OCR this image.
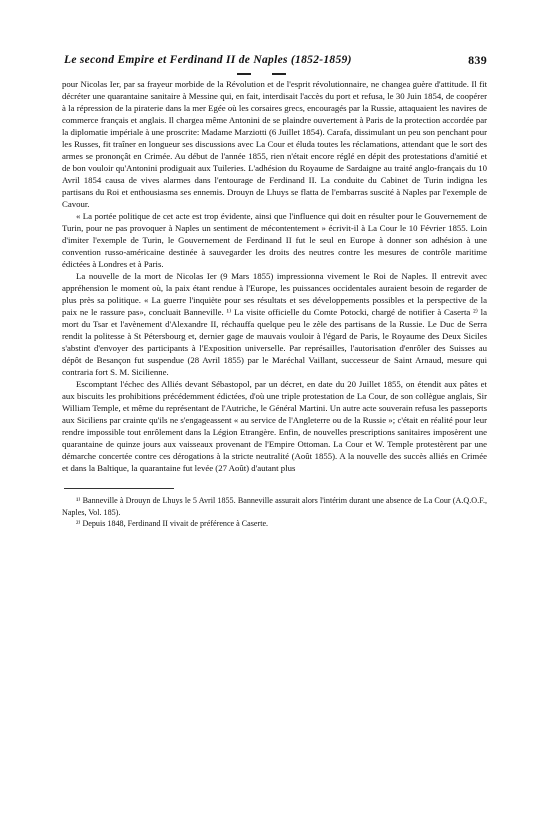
Le second Empire et Ferdinand II de Naples (1852-1859)	839

pour Nicolas Ier, par sa frayeur morbide de la Révolution et de l'esprit révolutionnaire, ne changea guère d'attitude. Il fit décréter une quarantaine sanitaire à Messine qui, en fait, interdisait l'accès du port et refusa, le 30 Juin 1854, de coopérer à la répression de la piraterie dans la mer Egée où les corsaires grecs, encouragés par la Russie, attaquaient les navires de commerce français et anglais. Il chargea même Antonini de se plaindre ouvertement à Paris de la protection accordée par la diplomatie impériale à une proscrite: Madame Marziotti (6 Juillet 1854). Carafa, dissimulant un peu son penchant pour les Russes, fit traîner en longueur ses discussions avec La Cour et éluda toutes les réclamations, attendant que le sort des armes se prononçât en Crimée. Au début de l'année 1855, rien n'était encore réglé en dépit des protestations d'amitié et de bon vouloir qu'Antonini prodiguait aux Tuileries. L'adhésion du Royaume de Sardaigne au traité anglo-français du 10 Avril 1854 causa de vives alarmes dans l'entourage de Ferdinand II. La conduite du Cabinet de Turin indigna les partisans du Roi et enthousiasma ses ennemis. Drouyn de Lhuys se flatta de l'embarras suscité à Naples par l'exemple de Cavour.

« La portée politique de cet acte est trop évidente, ainsi que l'influence qui doit en résulter pour le Gouvernement de Turin, pour ne pas provoquer à Naples un sentiment de mécontentement » écrivit-il à La Cour le 10 Février 1855. Loin d'imiter l'exemple de Turin, le Gouvernement de Ferdinand II fut le seul en Europe à donner son adhésion à une convention russo-américaine destinée à sauvegarder les droits des neutres contre les mesures de contrôle maritime édictées à Londres et à Paris.

La nouvelle de la mort de Nicolas Ier (9 Mars 1855) impressionna vivement le Roi de Naples. Il entrevit avec appréhension le moment où, la paix étant rendue à l'Europe, les puissances occidentales auraient besoin de regarder de plus près sa politique. « La guerre l'inquiète pour ses résultats et ses développements possibles et la perspective de la paix ne le rassure pas», concluait Banneville. ¹⁾ La visite officielle du Comte Potocki, chargé de notifier à Caserta ²⁾ la mort du Tsar et l'avènement d'Alexandre II, réchauffa quelque peu le zèle des partisans de la Russie. Le Duc de Serra rendit la politesse à St Pétersbourg et, dernier gage de mauvais vouloir à l'égard de Paris, le Royaume des Deux Siciles s'abstint d'envoyer des participants à l'Exposition universelle. Par représailles, l'autorisation d'enrôler des Suisses au dépôt de Besançon fut suspendue (28 Avril 1855) par le Maréchal Vaillant, successeur de Saint Arnaud, mesure qui contraria fort S. M. Sicilienne.

Escomptant l'échec des Alliés devant Sébastopol, par un décret, en date du 20 Juillet 1855, on étendit aux pâtes et aux biscuits les prohibitions précédemment édictées, d'où une triple protestation de La Cour, de son collègue anglais, Sir William Temple, et même du représentant de l'Autriche, le Général Martini. Un autre acte souverain refusa les passeports aux Siciliens par crainte qu'ils ne s'engageassent « au service de l'Angleterre ou de la Russie »; c'était en réalité pour leur rendre impossible tout enrôlement dans la Légion Etrangère. Enfin, de nouvelles prescriptions sanitaires imposèrent une quarantaine de quinze jours aux vaisseaux provenant de l'Empire Ottoman. La Cour et W. Temple protestèrent par une démarche concertée contre ces dérogations à la stricte neutralité (Août 1855). A la nouvelle des succès alliés en Crimée et dans la Baltique, la quarantaine fut levée (27 Août) d'autant plus

¹⁾ Banneville à Drouyn de Lhuys le 5 Avril 1855. Banneville assurait alors l'intérim durant une absence de La Cour (A.Q.O.F., Naples, Vol. 185).

²⁾ Depuis 1848, Ferdinand II vivait de préférence à Caserte.
